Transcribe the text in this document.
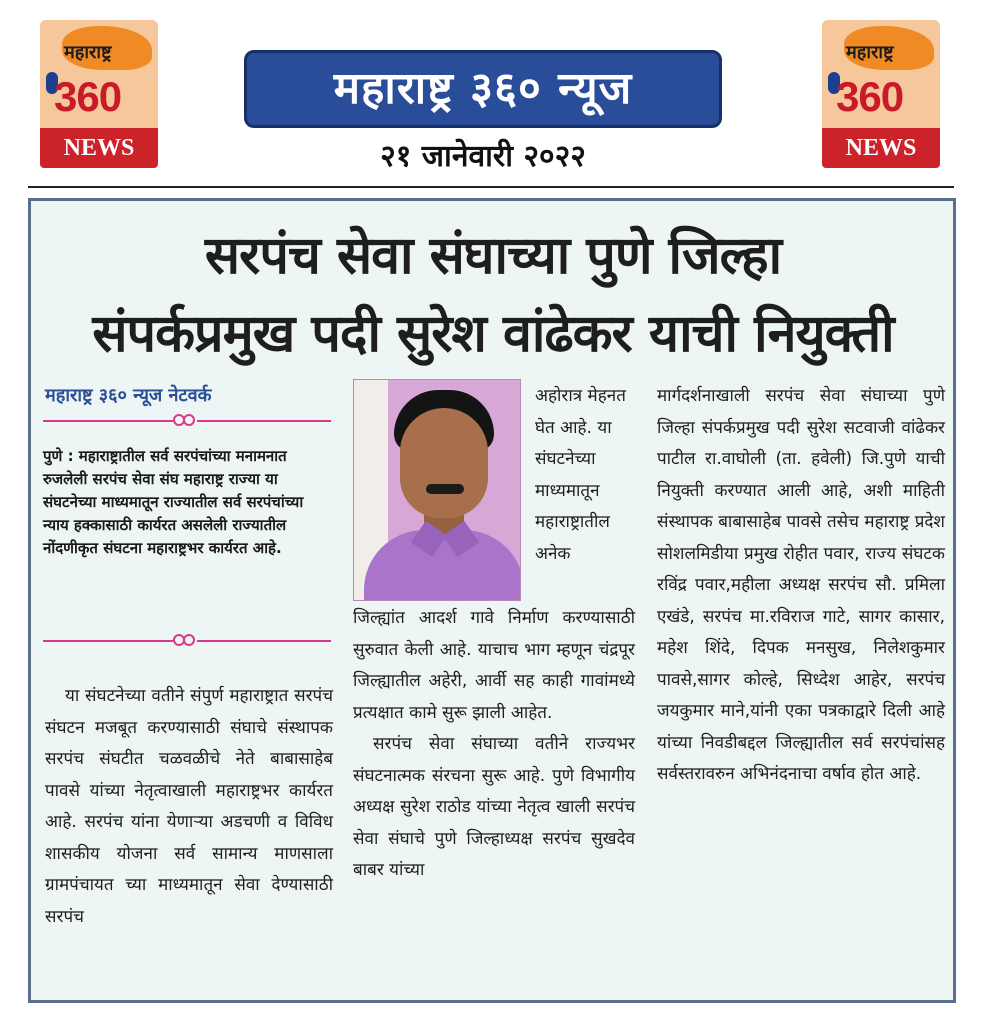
महाराष्ट्र
360
NEWS
महाराष्ट्र
360
NEWS
महाराष्ट्र ३६० न्यूज
२१ जानेवारी २०२२
सरपंच सेवा संघाच्या पुणे जिल्हा
संपर्कप्रमुख पदी सुरेश वांढेकर याची नियुक्ती
महाराष्ट्र ३६० न्यूज नेटवर्क
पुणे : महाराष्ट्रातील सर्व सरपंचांच्या मनामनात रुजलेली सरपंच सेवा संघ महाराष्ट्र राज्या या संघटनेच्या माध्यमातून राज्यातील सर्व सरपंचांच्या न्याय हक्कासाठी कार्यरत असलेली राज्यातील नोंदणीकृत संघटना महाराष्ट्रभर कार्यरत आहे.

या संघटनेच्या वतीने संपुर्ण महाराष्ट्रात सरपंच संघटन मजबूत करण्यासाठी संघाचे संस्थापक सरपंच संघटीत चळवळीचे नेते बाबासाहेब पावसे यांच्या नेतृत्वाखाली महाराष्ट्रभर कार्यरत आहे. सरपंच यांना येणाऱ्या अडचणी व विविध शासकीय योजना सर्व सामान्य माणसाला ग्रामपंचायत च्या माध्यमातून सेवा देण्यासाठी सरपंच

अहोरात्र मेहनत घेत आहे. या संघटनेच्या माध्यमातून महाराष्ट्रातील अनेक

जिल्ह्यांत आदर्श गावे निर्माण करण्यासाठी सुरुवात केली आहे. याचाच भाग म्हणून चंद्रपूर जिल्ह्यातील अहेरी, आर्वी सह काही गावांमध्ये प्रत्यक्षात कामे सुरू झाली आहेत.

सरपंच सेवा संघाच्या वतीने राज्यभर संघटनात्मक संरचना सुरू आहे. पुणे विभागीय अध्यक्ष सुरेश राठोड यांच्या नेतृत्व खाली सरपंच सेवा संघाचे पुणे जिल्हाध्यक्ष सरपंच सुखदेव बाबर यांच्या

मार्गदर्शनाखाली सरपंच सेवा संघाच्या पुणे जिल्हा संपर्कप्रमुख पदी सुरेश सटवाजी वांढेकर पाटील रा.वाघोली (ता. हवेली) जि.पुणे याची नियुक्ती करण्यात आली आहे, अशी माहिती संस्थापक बाबासाहेब पावसे तसेच महाराष्ट्र प्रदेश सोशलमिडीया प्रमुख रोहीत पवार, राज्य संघटक रविंद्र पवार,महीला अध्यक्ष सरपंच सौ. प्रमिला एखंडे, सरपंच मा.रविराज गाटे, सागर कासार, महेश शिंदे, दिपक मनसुख, निलेशकुमार पावसे,सागर कोल्हे, सिध्देश आहेर, सरपंच जयकुमार माने,यांनी एका पत्रकाद्वारे दिली आहे यांच्या निवडीबद्दल जिल्ह्यातील सर्व सरपंचांसह सर्वस्तरावरुन अभिनंदनाचा वर्षाव होत आहे.
